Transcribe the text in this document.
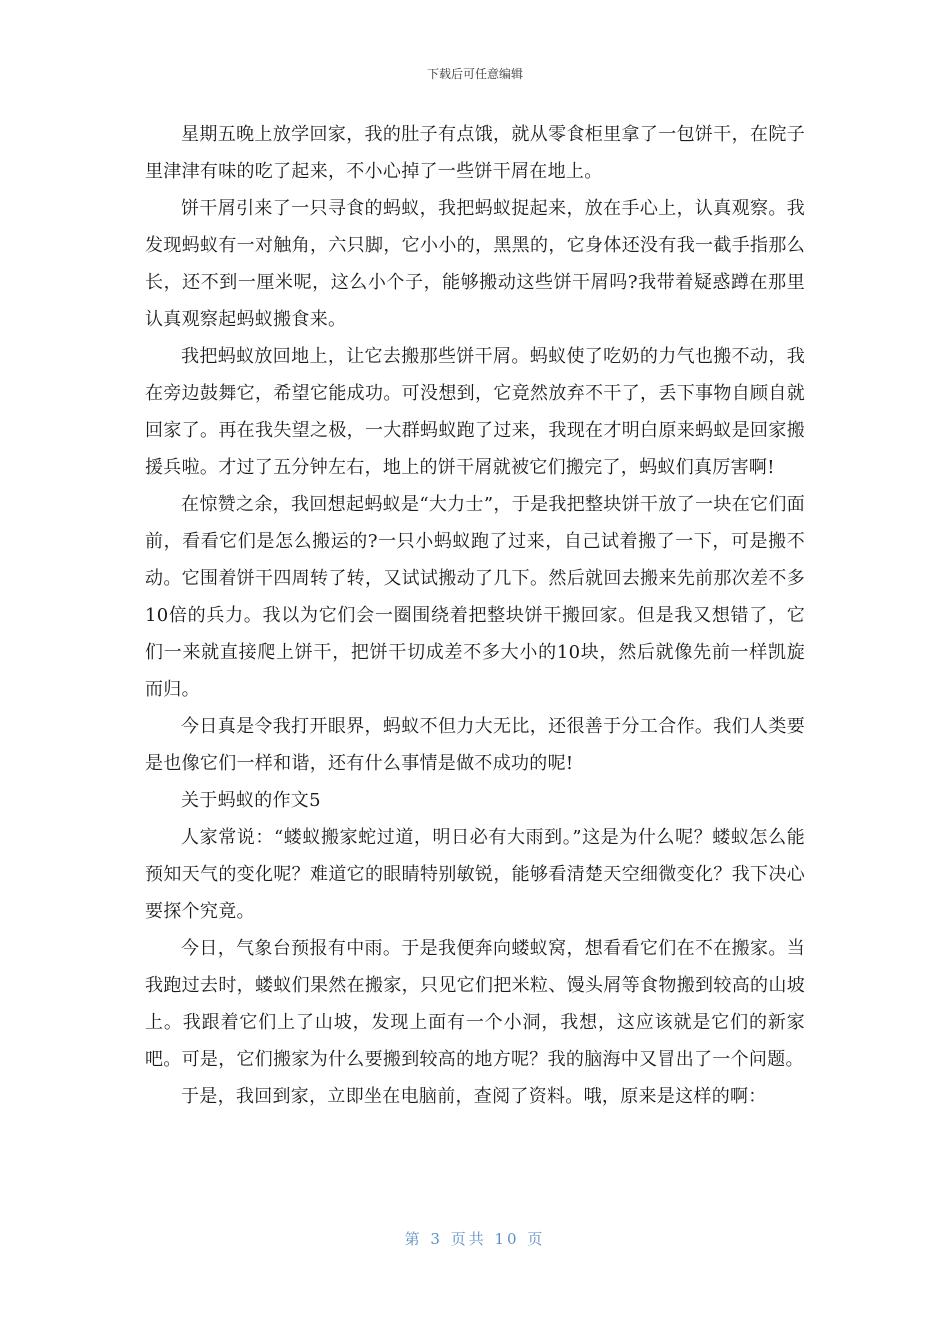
下载后可任意编辑

星期五晚上放学回家，我的肚子有点饿，就从零食柜里拿了一包饼干，在院子里津津有味的吃了起来，不小心掉了一些饼干屑在地上。

饼干屑引来了一只寻食的蚂蚁，我把蚂蚁捉起来，放在手心上，认真观察。我发现蚂蚁有一对触角，六只脚，它小小的，黑黑的，它身体还没有我一截手指那么长，还不到一厘米呢，这么小个子，能够搬动这些饼干屑吗?我带着疑惑蹲在那里认真观察起蚂蚁搬食来。

我把蚂蚁放回地上，让它去搬那些饼干屑。蚂蚁使了吃奶的力气也搬不动，我在旁边鼓舞它，希望它能成功。可没想到，它竟然放弃不干了，丢下事物自顾自就回家了。再在我失望之极，一大群蚂蚁跑了过来，我现在才明白原来蚂蚁是回家搬援兵啦。才过了五分钟左右，地上的饼干屑就被它们搬完了，蚂蚁们真厉害啊!

在惊赞之余，我回想起蚂蚁是“大力士”，于是我把整块饼干放了一块在它们面前，看看它们是怎么搬运的?一只小蚂蚁跑了过来，自己试着搬了一下，可是搬不动。它围着饼干四周转了转，又试试搬动了几下。然后就回去搬来先前那次差不多10倍的兵力。我以为它们会一圈围绕着把整块饼干搬回家。但是我又想错了，它们一来就直接爬上饼干，把饼干切成差不多大小的10块，然后就像先前一样凯旋而归。

今日真是令我打开眼界，蚂蚁不但力大无比，还很善于分工合作。我们人类要是也像它们一样和谐，还有什么事情是做不成功的呢!

关于蚂蚁的作文5

人家常说：“蝼蚁搬家蛇过道，明日必有大雨到。”这是为什么呢？蝼蚁怎么能预知天气的变化呢？难道它的眼睛特别敏锐，能够看清楚天空细微变化？我下决心要探个究竟。

今日，气象台预报有中雨。于是我便奔向蝼蚁窝，想看看它们在不在搬家。当我跑过去时，蝼蚁们果然在搬家，只见它们把米粒、馒头屑等食物搬到较高的山坡上。我跟着它们上了山坡，发现上面有一个小洞，我想，这应该就是它们的新家吧。可是，它们搬家为什么要搬到较高的地方呢？我的脑海中又冒出了一个问题。

于是，我回到家，立即坐在电脑前，查阅了资料。哦，原来是这样的啊：

第 3 页共 10 页
